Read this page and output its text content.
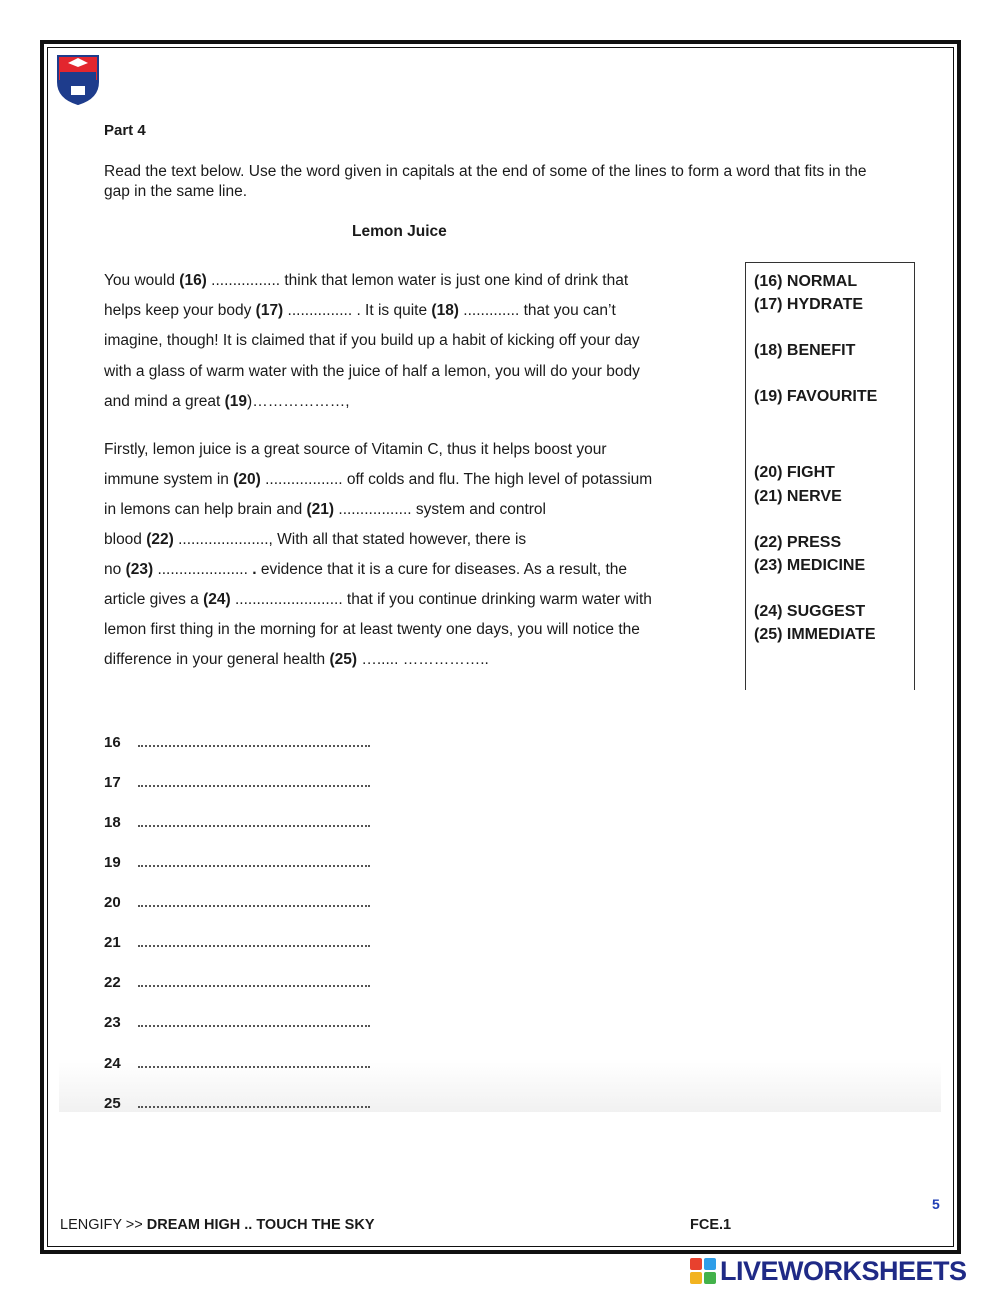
Part 4
Read the text below. Use the word given in capitals at the end of some of the lines to form a word that fits in the gap in the same line.
Lemon Juice
You would (16) ................ think that lemon water is just one kind of drink that
helps keep your body (17) ............... . It is quite (18) ............. that you can’t
imagine, though! It is claimed that if you build up a habit of kicking off your day
with a glass of warm water with the juice of half a lemon, you will do your body
and mind a great (19)………………,
Firstly, lemon juice is a great source of Vitamin C, thus it helps boost your
immune system in (20) .................. off colds and flu. The high level of potassium
in lemons can help brain and (21) ................. system and control
blood (22) ....................., With all that stated however, there is
no (23) ..................... . evidence that it is a cure for diseases. As a result, the
article gives a (24) ......................... that if you continue drinking warm water with
lemon first thing in the morning for at least twenty one days, you will notice the
difference in your general health (25) …..... ……………..
(16) NORMAL
(17) HYDRATE
(18) BENEFIT
(19) FAVOURITE
(20) FIGHT
(21) NERVE
(22) PRESS
(23) MEDICINE
(24) SUGGEST
(25) IMMEDIATE
16
17
18
19
20
21
22
23
24
25
5
LENGIFY >> DREAM HIGH .. TOUCH THE SKY	FCE.1
LIVEWORKSHEETS
